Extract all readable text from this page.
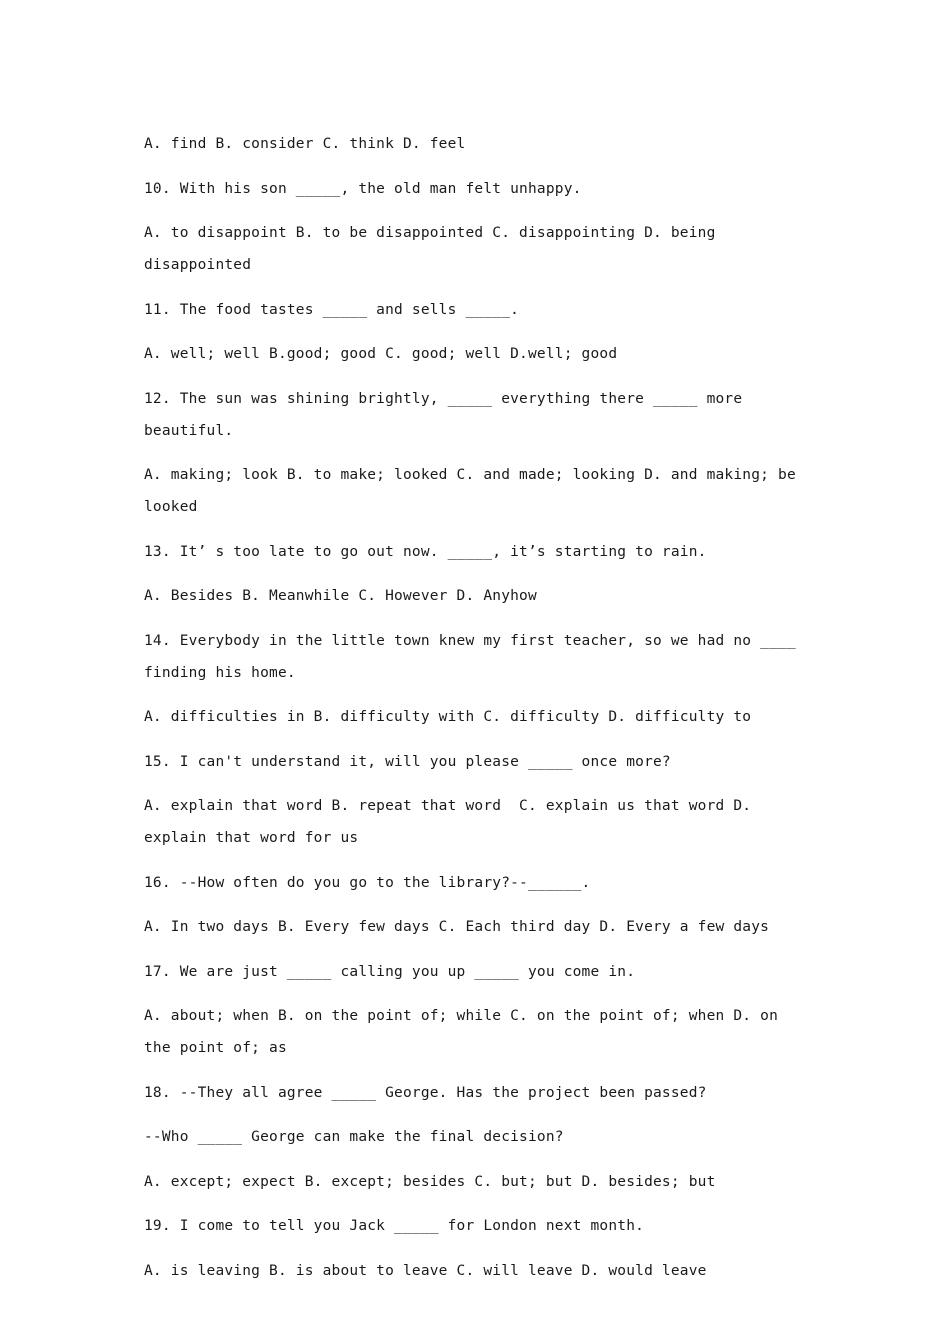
A. find B. consider C. think D. feel

10. With his son _____, the old man felt unhappy.

A. to disappoint B. to be disappointed C. disappointing D. being disappointed

11. The food tastes _____ and sells _____.

A. well; well B.good; good C. good; well D.well; good

12. The sun was shining brightly, _____ everything there _____ more beautiful.

A. making; look B. to make; looked C. and made; looking D. and making; be looked

13. It’ s too late to go out now. _____, it’s starting to rain.

A. Besides B. Meanwhile C. However D. Anyhow

14. Everybody in the little town knew my first teacher, so we had no ____ finding his home.

A. difficulties in B. difficulty with C. difficulty D. difficulty to

15. I can't understand it, will you please _____ once more?

A. explain that word B. repeat that word  C. explain us that word D. explain that word for us

16. --How often do you go to the library?--______.

A. In two days B. Every few days C. Each third day D. Every a few days

17. We are just _____ calling you up _____ you come in.

A. about; when B. on the point of; while C. on the point of; when D. on the point of; as

18. --They all agree _____ George. Has the project been passed?

--Who _____ George can make the final decision?

A. except; expect B. except; besides C. but; but D. besides; but

19. I come to tell you Jack _____ for London next month.

A. is leaving B. is about to leave C. will leave D. would leave
